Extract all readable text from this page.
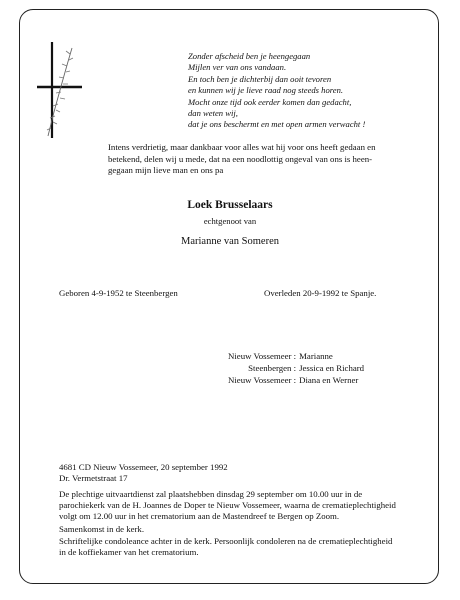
Zonder afscheid ben je heengegaan
Mijlen ver van ons vandaan.
En toch ben je dichterbij dan ooit tevoren
en kunnen wij je lieve raad nog steeds horen.
Mocht onze tijd ook eerder komen dan gedacht,
dan weten wij,
dat je ons beschermt en met open armen verwacht !
Intens verdrietig, maar dankbaar voor alles wat hij voor ons heeft gedaan en
betekend, delen wij u mede, dat na een noodlottig ongeval van ons is heen-
gegaan mijn lieve man en ons pa
Loek Brusselaars
echtgenoot van
Marianne van Someren
Geboren 4-9-1952 te Steenbergen	Overleden 20-9-1992 te Spanje.
Nieuw Vossemeer :	Marianne
Steenbergen :	Jessica en Richard
Nieuw Vossemeer :	Diana en Werner
4681 CD Nieuw Vossemeer, 20 september 1992
Dr. Vermetstraat 17
De plechtige uitvaartdienst zal plaatshebben dinsdag 29 september om 10.00 uur in de
parochiekerk van de H. Joannes de Doper te Nieuw Vossemeer, waarna de crematieplechtigheid
volgt om 12.00 uur in het crematorium aan de Mastendreef te Bergen op Zoom.
Samenkomst in de kerk.
Schriftelijke condoleance achter in de kerk. Persoonlijk condoleren na de crematieplechtigheid
in de koffiekamer van het crematorium.
